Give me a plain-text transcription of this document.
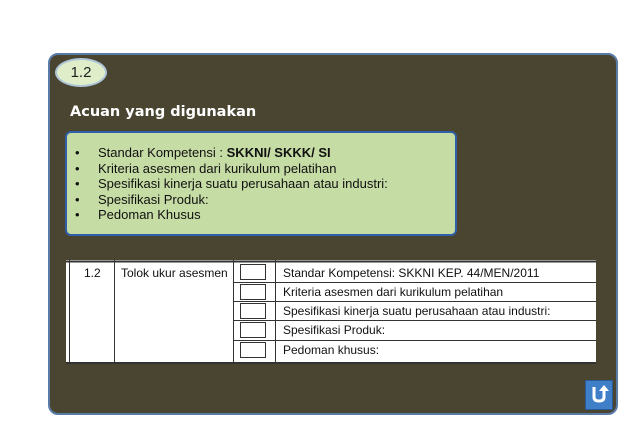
1.2
Acuan yang digunakan
• Standar Kompetensi : SKKNI/ SKKK/ SI
• Kriteria asesmen dari kurikulum pelatihan
• Spesifikasi kinerja suatu perusahaan atau industri:
• Spesifikasi Produk:
• Pedoman Khusus
1.2 Tolok ukur asesmen	Standar Kompetensi: SKKNI KEP. 44/MEN/2011
Kriteria asesmen dari kurikulum pelatihan
Spesifikasi kinerja suatu perusahaan atau industri:
Spesifikasi Produk:
Pedoman khusus:
